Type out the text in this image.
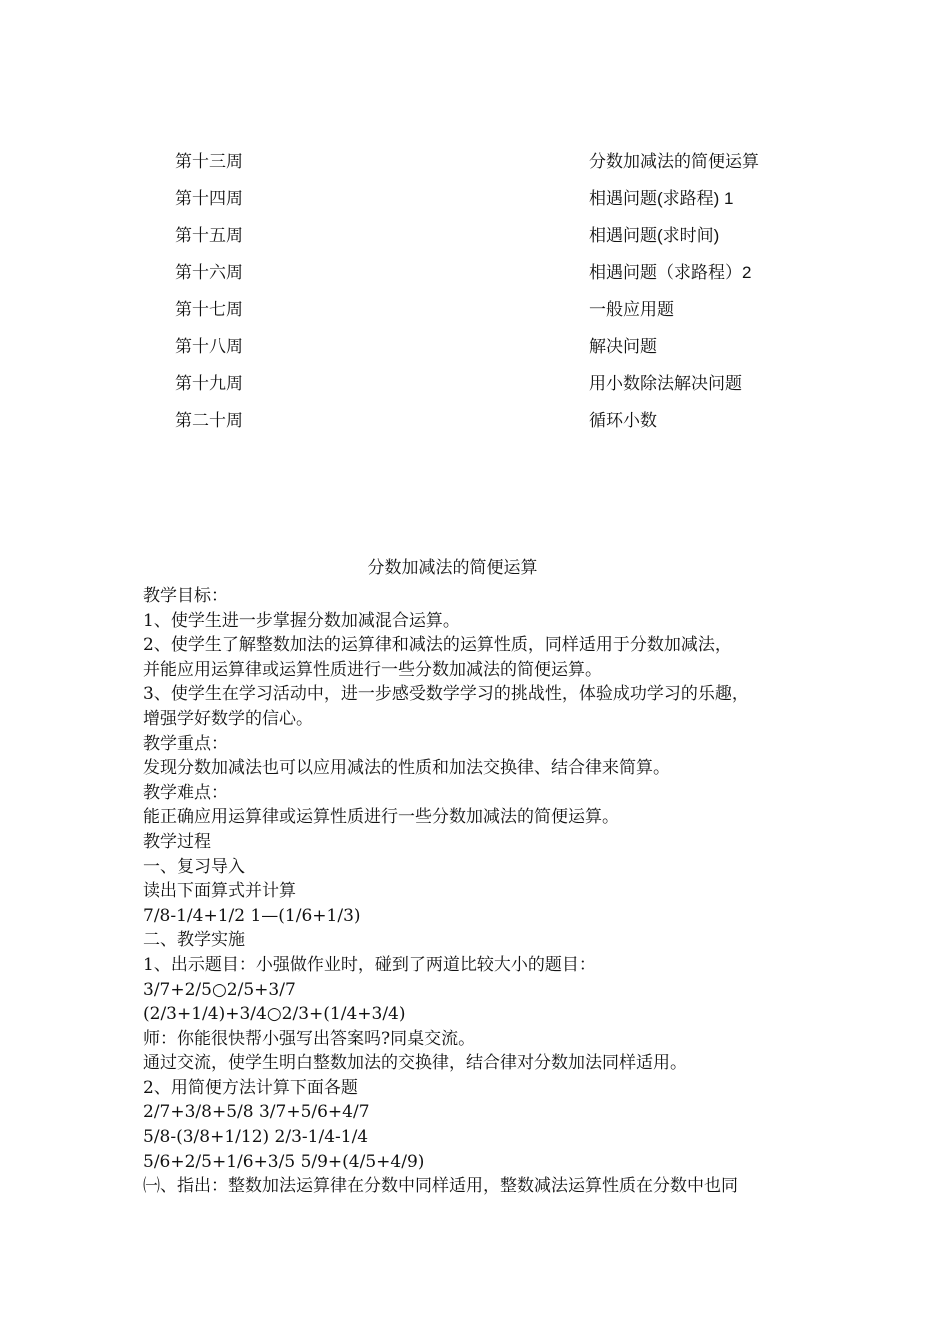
第十三周	分数加减法的简便运算
第十四周	相遇问题(求路程) 1
第十五周	相遇问题(求时间)
第十六周	相遇问题（求路程）2
第十七周	一般应用题
第十八周	解决问题
第十九周	用小数除法解决问题
第二十周	循环小数
分数加减法的简便运算
教学目标：
1、使学生进一步掌握分数加减混合运算。
2、使学生了解整数加法的运算律和减法的运算性质，同样适用于分数加减法，
并能应用运算律或运算性质进行一些分数加减法的简便运算。
3、使学生在学习活动中，进一步感受数学学习的挑战性，体验成功学习的乐趣，
增强学好数学的信心。
教学重点：
发现分数加减法也可以应用减法的性质和加法交换律、结合律来简算。
教学难点：
能正确应用运算律或运算性质进行一些分数加减法的简便运算。
教学过程
一、复习导入
读出下面算式并计算
7/8-1/4+1/2 1—(1/6+1/3)
二、教学实施
1、出示题目：小强做作业时，碰到了两道比较大小的题目：
3/7+2/5○2/5+3/7
(2/3+1/4)+3/4○2/3+(1/4+3/4)
师：你能很快帮小强写出答案吗?同桌交流。
通过交流，使学生明白整数加法的交换律，结合律对分数加法同样适用。
2、用简便方法计算下面各题
2/7+3/8+5/8 3/7+5/6+4/7
5/8-(3/8+1/12) 2/3-1/4-1/4
5/6+2/5+1/6+3/5 5/9+(4/5+4/9)
㈠、指出：整数加法运算律在分数中同样适用，整数减法运算性质在分数中也同
